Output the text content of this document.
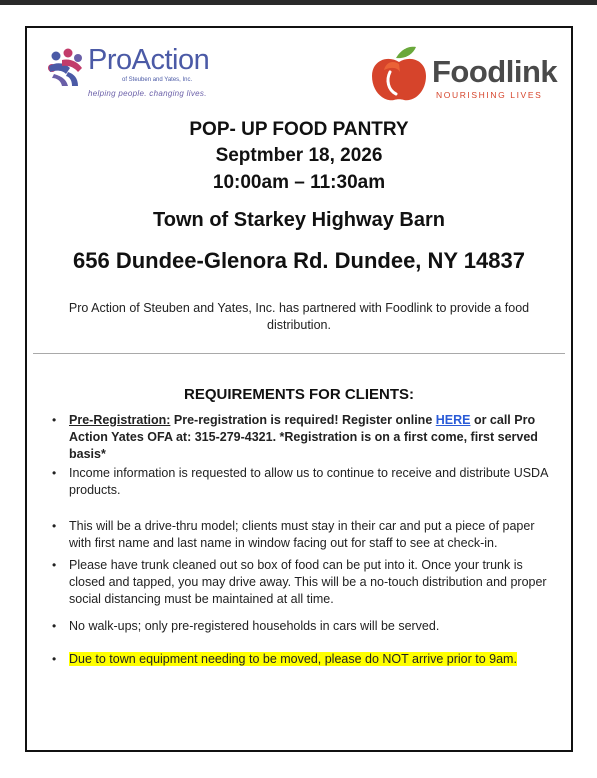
ProAction
of Steuben and Yates, Inc.
helping people. changing lives.
Foodlink
NOURISHING LIVES
POP- UP FOOD PANTRY
Septmber 18, 2026
10:00am – 11:30am
Town of Starkey Highway Barn
656 Dundee-Glenora Rd. Dundee, NY 14837
Pro Action of Steuben and Yates, Inc. has partnered with Foodlink to provide a food distribution.
REQUIREMENTS FOR CLIENTS:
• Pre-Registration: Pre-registration is required! Register online HERE or call Pro Action Yates OFA at: 315-279-4321. *Registration is on a first come, first served basis*
• Income information is requested to allow us to continue to receive and distribute USDA products.
• This will be a drive-thru model; clients must stay in their car and put a piece of paper with first name and last name in window facing out for staff to see at check-in.
• Please have trunk cleaned out so box of food can be put into it. Once your trunk is closed and tapped, you may drive away. This will be a no-touch distribution and proper social distancing must be maintained at all time.
• No walk-ups; only pre-registered households in cars will be served.
• Due to town equipment needing to be moved, please do NOT arrive prior to 9am.
